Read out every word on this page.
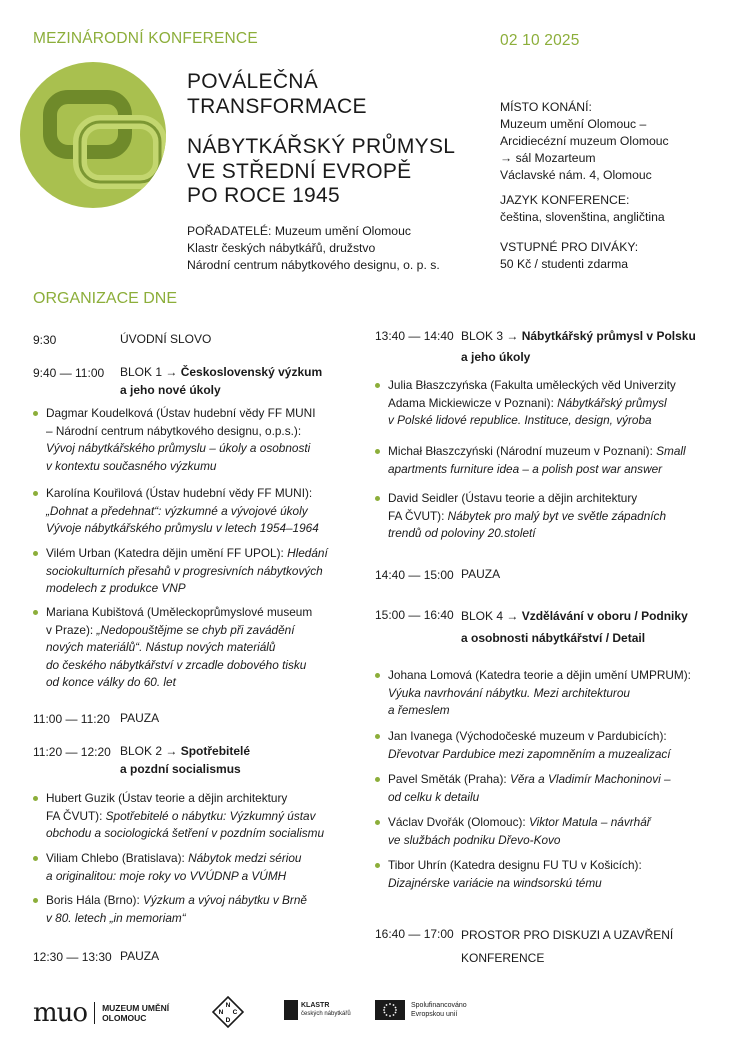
MEZINÁRODNÍ KONFERENCE	02 10 2025
POVÁLEČNÁ
TRANSFORMACE
NÁBYTKÁŘSKÝ PRŮMYSL
VE STŘEDNÍ EVROPĚ
PO ROCE 1945
POŘADATELÉ: Muzeum umění Olomouc
Klastr českých nábytkářů, družstvo
Národní centrum nábytkového designu, o. p. s.
MÍSTO KONÁNÍ:
Muzeum umění Olomouc –
Arcidiecézní muzeum Olomouc
→ sál Mozarteum
Václavské nám. 4, Olomouc
JAZYK KONFERENCE:
čeština, slovenština, angličtina
VSTUPNÉ PRO DIVÁKY:
50 Kč / studenti zdarma
ORGANIZACE DNE
9:30	ÚVODNÍ SLOVO
9:40 — 11:00 BLOK 1 → Československý výzkum
a jeho nové úkoly
Dagmar Koudelková (Ústav hudební vědy FF MUNI
– Národní centrum nábytkového designu, o.p.s.):
Vývoj nábytkářského průmyslu – úkoly a osobnosti
v kontextu současného výzkumu
Karolína Kouřilová (Ústav hudební vědy FF MUNI):
„Dohnat a předehnat“: výzkumné a vývojové úkoly
Vývoje nábytkářského průmyslu v letech 1954–1964
Vilém Urban (Katedra dějin umění FF UPOL): Hledání
sociokulturních přesahů v progresivních nábytkových
modelech z produkce VNP
Mariana Kubištová (Uměleckoprůmyslové museum
v Praze): „Nedopouštějme se chyb při zavádění
nových materiálů“. Nástup nových materiálů
do českého nábytkářství v zrcadle dobového tisku
od konce války do 60. let
11:00 — 11:20 PAUZA
11:20 — 12:20 BLOK 2 → Spotřebitelé
a pozdní socialismus
Hubert Guzik (Ústav teorie a dějin architektury
FA ČVUT): Spotřebitelé o nábytku: Výzkumný ústav
obchodu a sociologická šetření v pozdním socialismu
Viliam Chlebo (Bratislava): Nábytok medzi sériou
a originalitou: moje roky vo VVÚDNP a VÚMH
Boris Hála (Brno): Výzkum a vývoj nábytku v Brně
v 80. letech „in memoriam“
12:30 — 13:30 PAUZA
13:40 — 14:40 BLOK 3 → Nábytkářský průmysl v Polsku
a jeho úkoly
Julia Błaszczyńska (Fakulta uměleckých věd Univerzity
Adama Mickiewicze v Poznani): Nábytkářský průmysl
v Polské lidové republice. Instituce, design, výroba
Michał Błaszczyński (Národní muzeum v Poznani): Small
apartments furniture idea – a polish post war answer
David Seidler (Ústavu teorie a dějin architektury
FA ČVUT): Nábytek pro malý byt ve světle západních
trendů od poloviny 20.století
14:40 — 15:00 PAUZA
15:00 — 16:40 BLOK 4 → Vzdělávání v oboru / Podniky
a osobnosti nábytkářství / Detail
Johana Lomová (Katedra teorie a dějin umění UMPRUM):
Výuka navrhování nábytku. Mezi architekturou
a řemeslem
Jan Ivanega (Východočeské muzeum v Pardubicích):
Dřevotvar Pardubice mezi zapomněním a muzealizací
Pavel Směták (Praha): Věra a Vladimír Machoninovi –
od celku k detailu
Václav Dvořák (Olomouc): Viktor Matula – návrhář
ve službách podniku Dřevo-Kovo
Tibor Uhrín (Katedra designu FU TU v Košicích):
Dizajnérske variácie na windsorskú tému
16:40 — 17:00 PROSTOR PRO DISKUZI A UZAVŘENÍ
KONFERENCE
muo MUZEUM UMĚNÍ
OLOMOUC
N
C
N
D
KLASTR
českých nábytkářů
Spolufinancováno
Evropskou unií
